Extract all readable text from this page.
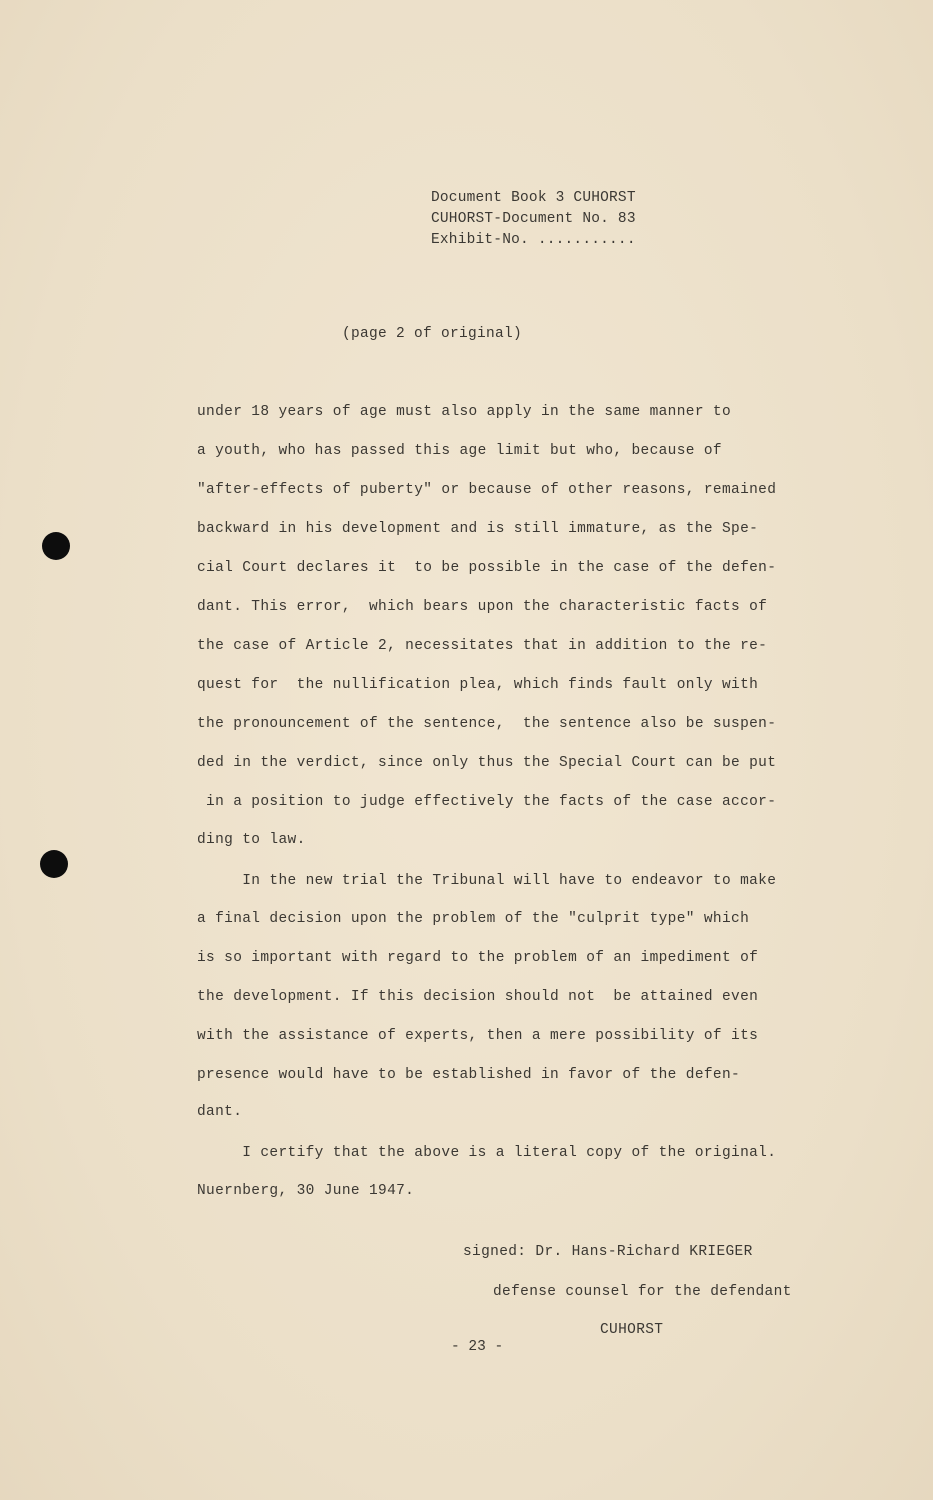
Document Book 3 CUHORST
CUHORST-Document No. 83
Exhibit-No. ...........
(page 2 of original)
under 18 years of age must also apply in the same manner to
a youth, who has passed this age limit but who, because of
"after-effects of puberty" or because of other reasons, remained
backward in his development and is still immature, as the Spe-
cial Court declares it  to be possible in the case of the defen-
dant. This error,  which bears upon the characteristic facts of
the case of Article 2, necessitates that in addition to the re-
quest for  the nullification plea, which finds fault only with
the pronouncement of the sentence,  the sentence also be suspen-
ded in the verdict, since only thus the Special Court can be put
in a position to judge effectively the facts of the case accor-
ding to law.
In the new trial the Tribunal will have to endeavor to make
a final decision upon the problem of the "culprit type" which
is so important with regard to the problem of an impediment of
the development. If this decision should not  be attained even
with the assistance of experts, then a mere possibility of its
presence would have to be established in favor of the defen-
dant.
I certify that the above is a literal copy of the original.
Nuernberg, 30 June 1947.
signed: Dr. Hans-Richard KRIEGER
defense counsel for the defendant
CUHORST
- 23 -
